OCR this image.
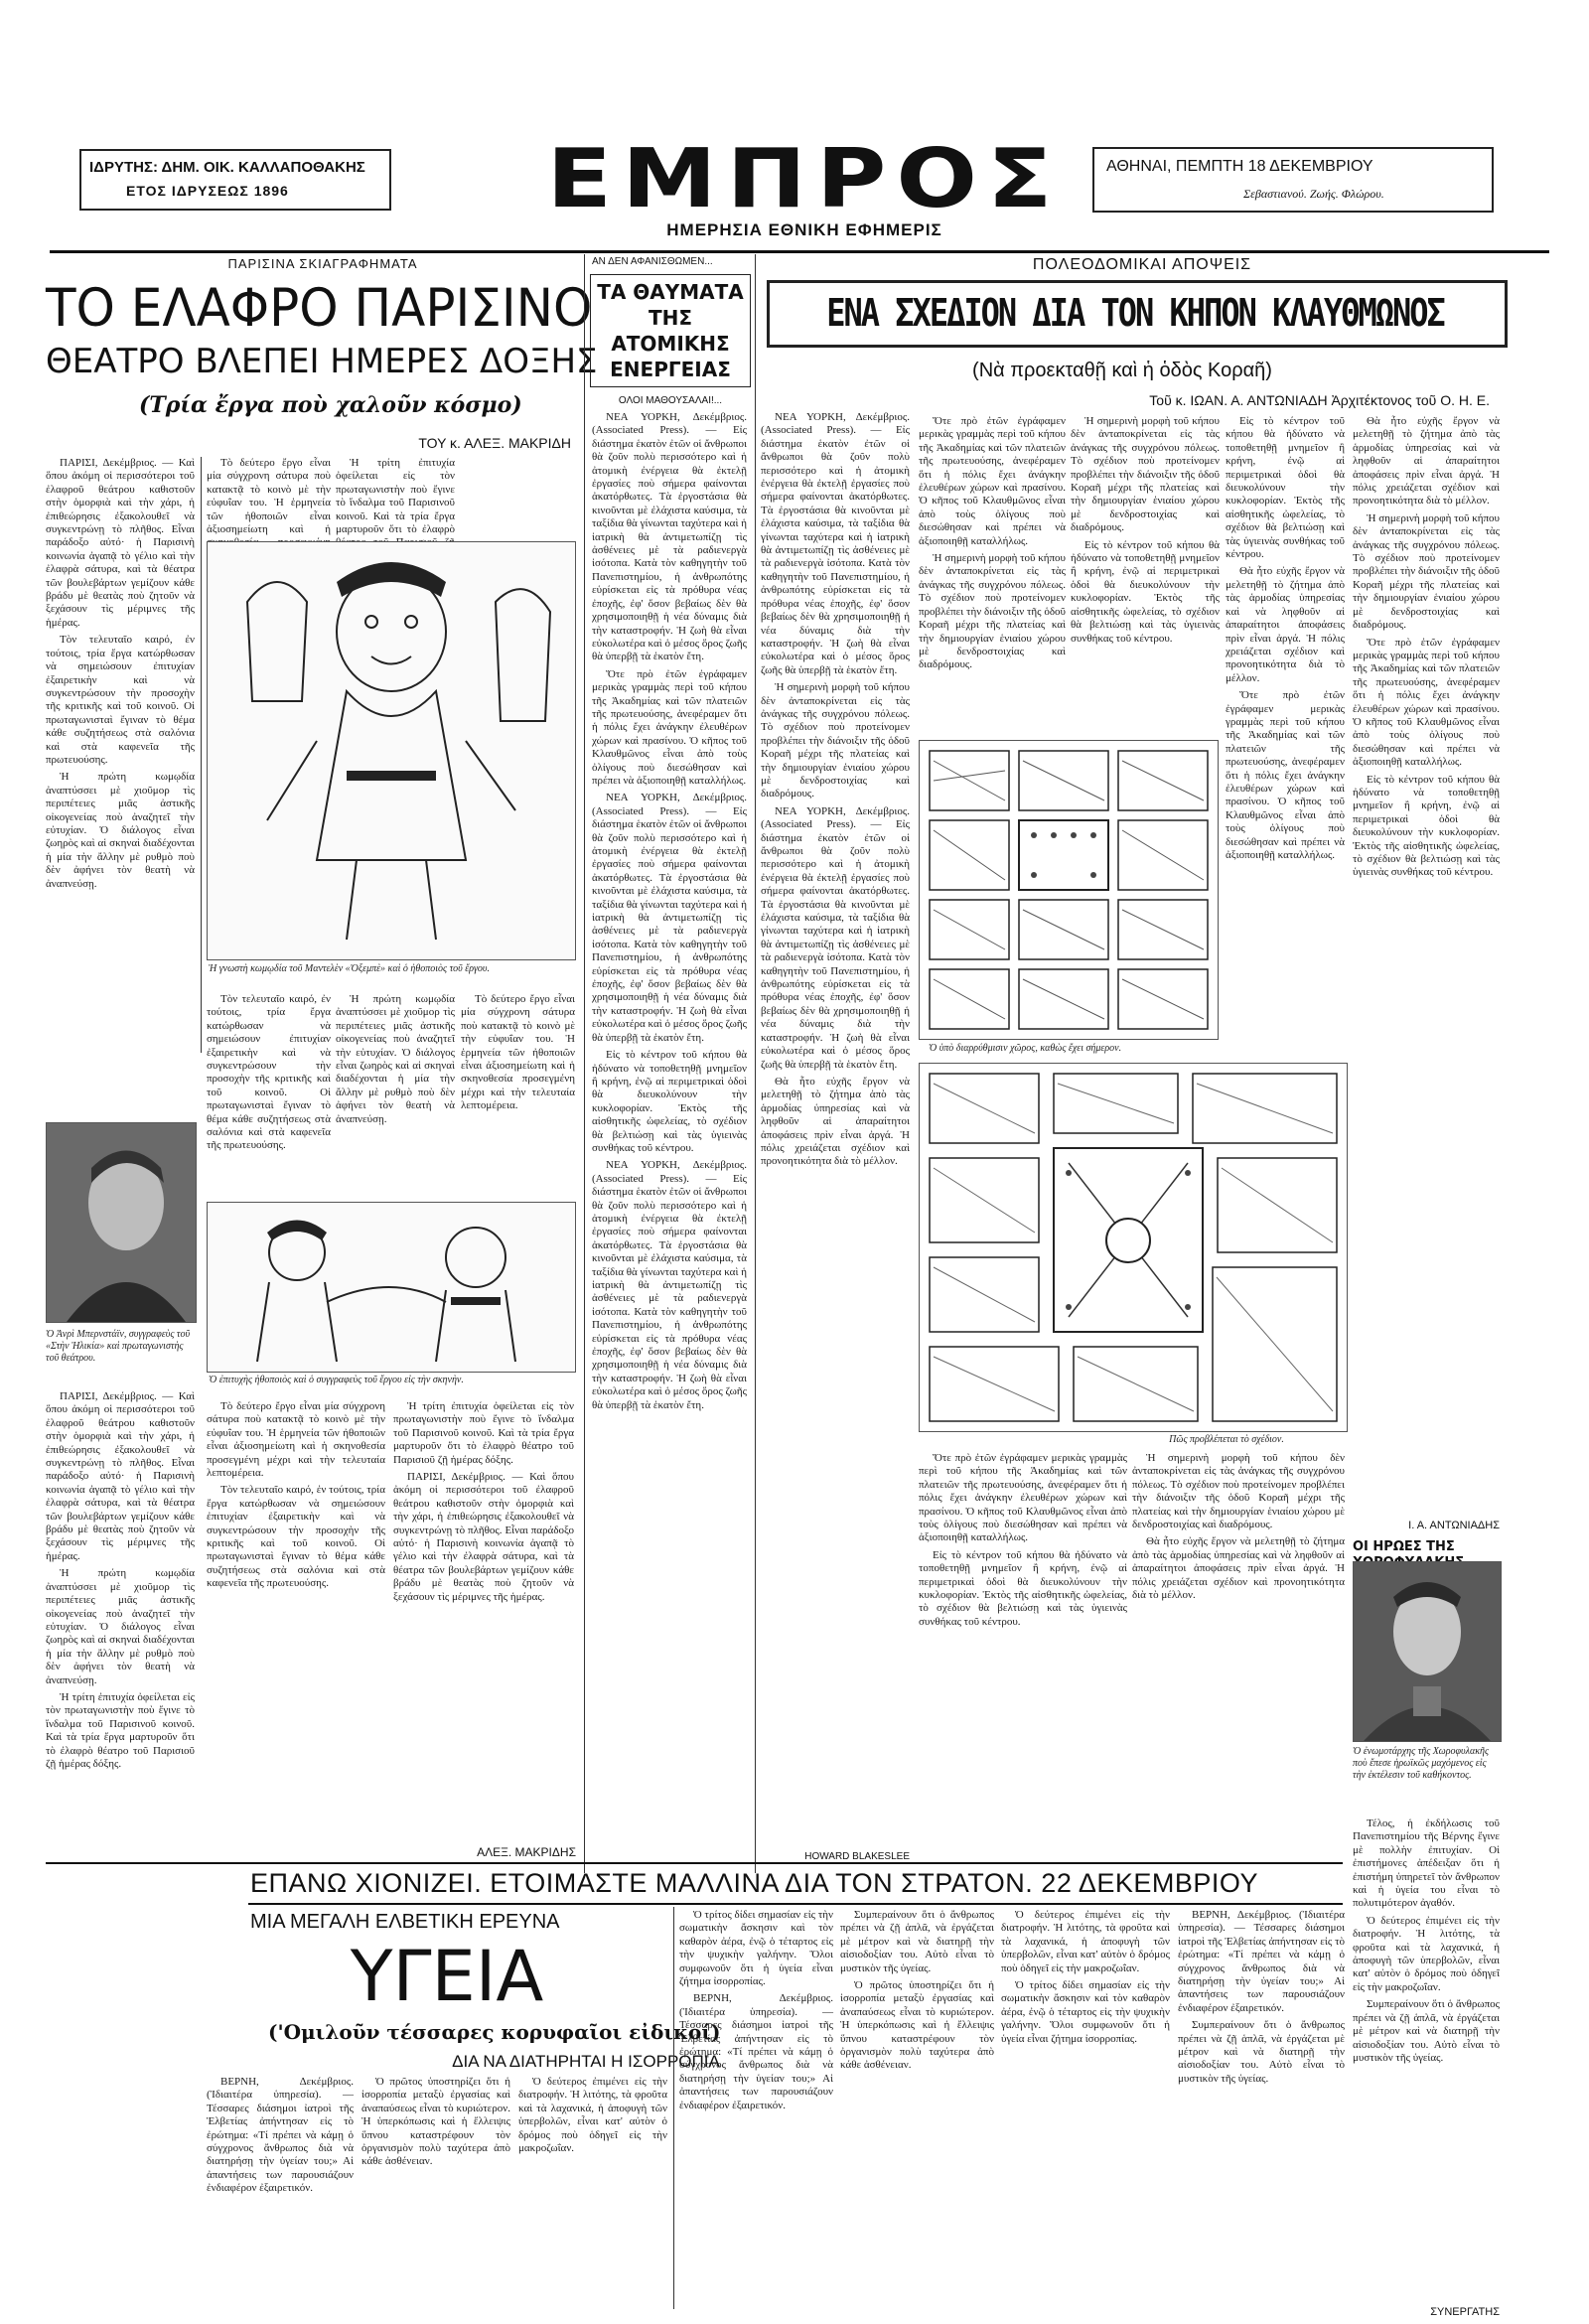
ΙΔΡΥΤΗΣ: ΔΗΜ. ΟΙΚ. ΚΑΛΛΑΠΟΘΑΚΗΣ
ΕΤΟΣ ΙΔΡΥΣΕΩΣ 1896	ΕΜΠΡΟΣ
ΗΜΕΡΗΣΙΑ ΕΘΝΙΚΗ ΕΦΗΜΕΡΙΣ
ΑΘΗΝΑΙ, ΠΕΜΠΤΗ 18 ΔΕΚΕΜΒΡΙΟΥ
Σεβαστιανού. Ζωής. Φλώρου.
ΠΑΡΙΣΙΝΑ ΣΚΙΑΓΡΑΦΗΜΑΤΑ
ΤΟ ΕΛΑΦΡΟ ΠΑΡΙΣΙΝΟ
ΘΕΑΤΡΟ ΒΛΕΠΕΙ ΗΜΕΡΕΣ ΔΟΞΗΣ
(Τρία ἔργα ποὺ χαλοῦν κόσμο)
ΤΟΥ κ. ΑΛΕΞ. ΜΑΚΡΙΔΗ

ΠΑΡΙΣΙ, Δεκέμβριος. — Καὶ ὅπου ἀκόμη οἱ περισσότεροι τοῦ ἐλαφροῦ θεάτρου καθιστοῦν στὴν ὁμορφιὰ καὶ τὴν χάρι, ἡ ἐπιθεώρησις ἐξακολουθεῖ νὰ συγκεντρώνῃ τὸ πλῆθος. Εἶναι παράδοξο αὐτό· ἡ Παρισινὴ κοινωνία ἀγαπᾷ τὸ γέλιο καὶ τὴν ἐλαφρὰ σάτυρα, καὶ τὰ θέατρα τῶν βουλεβάρτων γεμίζουν κάθε βράδυ μὲ θεατὰς ποὺ ζητοῦν νὰ ξεχάσουν τὶς μέριμνες τῆς ἡμέρας.

Τὸν τελευταῖο καιρό, ἐν τούτοις, τρία ἔργα κατώρθωσαν νὰ σημειώσουν ἐπιτυχίαν ἐξαιρετικὴν καὶ νὰ συγκεντρώσουν τὴν προσοχὴν τῆς κριτικῆς καὶ τοῦ κοινοῦ. Οἱ πρωταγωνισταὶ ἔγιναν τὸ θέμα κάθε συζητήσεως στὰ σαλόνια καὶ στὰ καφενεῖα τῆς πρωτευούσης.

Ἡ πρώτη κωμῳδία ἀναπτύσσει μὲ χιοῦμορ τὶς περιπέτειες μιᾶς ἀστικῆς οἰκογενείας ποὺ ἀναζητεῖ τὴν εὐτυχίαν. Ὁ διάλογος εἶναι ζωηρὸς καὶ αἱ σκηναὶ διαδέχονται ἡ μία τὴν ἄλλην μὲ ρυθμὸ ποὺ δὲν ἀφήνει τὸν θεατὴ νὰ ἀναπνεύσῃ.

Τὸ δεύτερο ἔργο εἶναι μία σύγχρονη σάτυρα ποὺ κατακτᾷ τὸ κοινὸ μὲ τὴν εὐφυΐαν του. Ἡ ἑρμηνεία τῶν ἠθοποιῶν εἶναι ἀξιοσημείωτη καὶ ἡ

Ἡ τρίτη ἐπιτυχία ὀφείλεται εἰς τὸν πρωταγωνιστὴν ποὺ ἔγινε τὸ ἴνδαλμα τοῦ Παρισινοῦ κοινοῦ. Καὶ τὰ τρία ἔργα μαρτυροῦν ὅτι τὸ ἐλαφρὸ

Ἡ γνωστὴ κωμῳδία τοῦ Μαντελὲν «Ὀξεμπὲ» καὶ ὁ ἠθοποιὸς τοῦ ἔργου.

Τὸν τελευταῖο καιρό, ἐν τούτοις, τρία ἔργα κατώρθωσαν νὰ σημειώσουν ἐπιτυχίαν ἐξαιρετικὴν καὶ νὰ συγκεντρώσουν τὴν προσοχὴν τῆς κριτικῆς καὶ τοῦ κοινοῦ. Οἱ πρωταγωνισταὶ ἔγιναν τὸ θέμα κάθε συζητήσεως στὰ σαλόνια καὶ στὰ καφενεῖα τῆς πρωτευούσης.

Ἡ πρώτη κωμῳδία ἀναπτύσσει μὲ χιοῦμορ τὶς περιπέτειες μιᾶς ἀστικῆς οἰκογενείας ποὺ ἀναζητεῖ τὴν εὐτυχίαν. Ὁ διάλογος εἶναι ζωηρὸς καὶ αἱ σκηναὶ διαδέχονται ἡ μία τὴν ἄλλην μὲ ρυθμὸ ποὺ δὲν ἀφήνει τὸν θεατὴ νὰ ἀναπνεύσῃ.

Τὸ δεύτερο ἔργο εἶναι μία σύγχρονη σάτυρα ποὺ κατακτᾷ τὸ κοινὸ μὲ τὴν εὐφυΐαν του. Ἡ ἑρμηνεία τῶν ἠθοποιῶν εἶναι ἀξιοσημείωτη καὶ ἡ σκηνοθεσία προσεγμένη μέχρι καὶ τὴν τελευταία λεπτομέρεια.

Ὁ Ἀνρὶ Μπερνστάϊν, συγγραφεὺς τοῦ «Στὴν Ἡλικία» καὶ πρωταγωνιστὴς τοῦ θεάτρου.
Ὁ ἐπιτυχὴς ἠθοποιὸς καὶ ὁ συγγραφεὺς τοῦ ἔργου εἰς τὴν σκηνὴν.

ΠΑΡΙΣΙ, Δεκέμβριος. — Καὶ ὅπου ἀκόμη οἱ περισσότεροι τοῦ ἐλαφροῦ θεάτρου καθιστοῦν στὴν ὁμορφιὰ καὶ τὴν χάρι, ἡ ἐπιθεώρησις ἐξακολουθεῖ νὰ συγκεντρώνῃ τὸ πλῆθος. Εἶναι παράδοξο αὐτό· ἡ Παρισινὴ κοινωνία ἀγαπᾷ τὸ γέλιο καὶ τὴν ἐλαφρὰ σάτυρα, καὶ τὰ θέατρα τῶν βουλεβάρτων γεμίζουν κάθε βράδυ μὲ θεατὰς ποὺ ζητοῦν νὰ ξεχάσουν τὶς μέριμνες τῆς ἡμέρας.

Ἡ πρώτη κωμῳδία ἀναπτύσσει μὲ χιοῦμορ τὶς περιπέτειες μιᾶς ἀστικῆς οἰκογενείας ποὺ ἀναζητεῖ τὴν εὐτυχίαν. Ὁ διάλογος εἶναι ζωηρὸς καὶ αἱ σκηναὶ διαδέχονται ἡ μία τὴν ἄλλην μὲ ρυθμὸ ποὺ δὲν ἀφήνει τὸν θεατὴ νὰ ἀναπνεύσῃ.

Ἡ τρίτη ἐπιτυχία ὀφείλεται εἰς τὸν πρωταγωνιστὴν ποὺ ἔγινε τὸ ἴνδαλμα τοῦ Παρισινοῦ κοινοῦ. Καὶ τὰ τρία ἔργα μαρτυροῦν ὅτι τὸ ἐλαφρὸ θέατρο τοῦ Παρισιοῦ ζῇ ἡμέρας δόξης.

Τὸ δεύτερο ἔργο εἶναι μία σύγχρονη σάτυρα ποὺ κατακτᾷ τὸ κοινὸ μὲ τὴν εὐφυΐαν του. Ἡ ἑρμηνεία τῶν ἠθοποιῶν εἶναι ἀξιοσημείωτη καὶ ἡ σκηνοθεσία προσεγμένη μέχρι καὶ τὴν τελευταία λεπτομέρεια.

Τὸν τελευταῖο καιρό, ἐν τούτοις, τρία ἔργα κατώρθωσαν νὰ σημειώσουν ἐπιτυχίαν ἐξαιρετικὴν καὶ νὰ συγκεντρώσουν τὴν προσοχὴν τῆς κριτικῆς καὶ τοῦ κοινοῦ. Οἱ πρωταγωνισταὶ ἔγιναν τὸ θέμα κάθε συζητήσεως στὰ σαλόνια καὶ στὰ καφενεῖα τῆς πρωτευούσης.

Ἡ τρίτη ἐπιτυχία ὀφείλεται εἰς τὸν πρωταγωνιστὴν ποὺ ἔγινε τὸ ἴνδαλμα τοῦ Παρισινοῦ κοινοῦ. Καὶ τὰ τρία ἔργα μαρτυροῦν ὅτι τὸ ἐλαφρὸ θέατρο τοῦ Παρισιοῦ ζῇ ἡμέρας δόξης.

ΠΑΡΙΣΙ, Δεκέμβριος. — Καὶ ὅπου ἀκόμη οἱ περισσότεροι τοῦ ἐλαφροῦ θεάτρου καθιστοῦν στὴν ὁμορφιὰ καὶ τὴν χάρι, ἡ ἐπιθεώρησις ἐξακολουθεῖ νὰ συγκεντρώνῃ τὸ πλῆθος. Εἶναι παράδοξο αὐτό· ἡ Παρισινὴ κοινωνία ἀγαπᾷ τὸ γέλιο καὶ τὴν ἐλαφρὰ σάτυρα, καὶ τὰ θέατρα τῶν βουλεβάρτων γεμίζουν κάθε βράδυ μὲ θεατὰς ποὺ ζητοῦν νὰ ξεχάσουν τὶς μέριμνες τῆς ἡμέρας.

ΑΛΕΞ. ΜΑΚΡΙΔΗΣ
ΑΝ ΔΕΝ ΑΦΑΝΙΣΘΩΜΕΝ...
ΤΑ ΘΑΥΜΑΤΑ ΤΗΣ ΑΤΟΜΙΚΗΣ ΕΝΕΡΓΕΙΑΣ
ΟΛΟΙ ΜΑΘΟΥΣΑΛΑΙ!...

ΝΕΑ ΥΟΡΚΗ, Δεκέμβριος. (Associated Press). — Εἰς διάστημα ἑκατὸν ἐτῶν οἱ ἄνθρωποι θὰ ζοῦν πολὺ περισσότερο καὶ ἡ ἀτομικὴ ἐνέργεια θὰ ἐκτελῇ ἐργασίες ποὺ σήμερα φαίνονται ἀκατόρθωτες. Τὰ ἐργοστάσια θὰ κινοῦνται μὲ ἐλάχιστα καύσιμα, τὰ ταξίδια θὰ γίνωνται ταχύτερα καὶ ἡ ἰατρικὴ θὰ ἀντιμετωπίζῃ τὶς ἀσθένειες μὲ τὰ ραδιενεργὰ ἰσότοπα. Κατὰ τὸν καθηγητὴν τοῦ Πανεπιστημίου, ἡ ἀνθρωπότης εὑρίσκεται εἰς τὰ πρόθυρα νέας ἐποχῆς, ἐφ' ὅσον βεβαίως δὲν θὰ χρησιμοποιηθῇ ἡ νέα δύναμις διὰ τὴν καταστροφήν. Ἡ ζωὴ θὰ εἶναι εὐκολωτέρα καὶ ὁ μέσος ὅρος ζωῆς θὰ ὑπερβῇ τὰ ἑκατὸν ἔτη.

Ὅτε πρὸ ἐτῶν ἐγράφαμεν μερικὰς γραμμὰς περὶ τοῦ κήπου τῆς Ἀκαδημίας καὶ τῶν πλατειῶν τῆς πρωτευούσης, ἀνεφέραμεν ὅτι ἡ πόλις ἔχει ἀνάγκην ἐλευθέρων χώρων καὶ πρασίνου. Ὁ κῆπος τοῦ Κλαυθμῶνος εἶναι ἀπὸ τοὺς ὀλίγους ποὺ διεσώθησαν καὶ πρέπει νὰ ἀξιοποιηθῇ καταλλήλως.

ΝΕΑ ΥΟΡΚΗ, Δεκέμβριος. (Associated Press). — Εἰς διάστημα ἑκατὸν ἐτῶν οἱ ἄνθρωποι θὰ ζοῦν πολὺ περισσότερο καὶ ἡ ἀτομικὴ ἐνέργεια θὰ ἐκτελῇ ἐργασίες ποὺ σήμερα φαίνονται ἀκατόρθωτες. Τὰ ἐργοστάσια θὰ κινοῦνται μὲ ἐλάχιστα καύσιμα, τὰ ταξίδια θὰ γίνωνται ταχύτερα καὶ ἡ ἰατρικὴ θὰ ἀντιμετωπίζῃ τὶς ἀσθένειες μὲ τὰ ραδιενεργὰ ἰσότοπα. Κατὰ τὸν καθηγητὴν τοῦ Πανεπιστημίου, ἡ ἀνθρωπότης εὑρίσκεται εἰς τὰ πρόθυρα νέας ἐποχῆς, ἐφ' ὅσον βεβαίως δὲν θὰ χρησιμοποιηθῇ ἡ νέα δύναμις διὰ τὴν καταστροφήν. Ἡ ζωὴ θὰ εἶναι εὐκολωτέρα καὶ ὁ μέσος ὅρος ζωῆς θὰ ὑπερβῇ τὰ ἑκατὸν ἔτη.

Εἰς τὸ κέντρον τοῦ κήπου θὰ ἠδύνατο νὰ τοποθετηθῇ μνημεῖον ἢ κρήνη, ἐνῷ αἱ περιμετρικαὶ ὁδοὶ θὰ διευκολύνουν τὴν κυκλοφορίαν. Ἐκτὸς τῆς αἰσθητικῆς ὠφελείας, τὸ σχέδιον θὰ βελτιώσῃ καὶ τὰς ὑγιεινὰς συνθήκας τοῦ κέντρου.

ΝΕΑ ΥΟΡΚΗ, Δεκέμβριος. (Associated Press). — Εἰς διάστημα ἑκατὸν ἐτῶν οἱ ἄνθρωποι θὰ ζοῦν πολὺ περισσότερο καὶ ἡ ἀτομικὴ ἐνέργεια θὰ ἐκτελῇ ἐργασίες ποὺ σήμερα φαίνονται ἀκατόρθωτες. Τὰ ἐργοστάσια θὰ κινοῦνται μὲ ἐλάχιστα καύσιμα, τὰ ταξίδια θὰ γίνωνται ταχύτερα καὶ ἡ ἰατρικὴ θὰ ἀντιμετωπίζῃ τὶς ἀσθένειες μὲ τὰ ραδιενεργὰ ἰσότοπα. Κατὰ τὸν καθηγητὴν τοῦ Πανεπιστημίου, ἡ ἀνθρωπότης εὑρίσκεται εἰς τὰ πρόθυρα νέας ἐποχῆς, ἐφ' ὅσον βεβαίως δὲν θὰ χρησιμοποιηθῇ ἡ νέα δύναμις διὰ τὴν καταστροφήν. Ἡ ζωὴ θὰ εἶναι εὐκολωτέρα καὶ ὁ μέσος ὅρος ζωῆς θὰ ὑπερβῇ τὰ ἑκατὸν ἔτη.

ΝΕΑ ΥΟΡΚΗ, Δεκέμβριος. (Associated Press). — Εἰς διάστημα ἑκατὸν ἐτῶν οἱ ἄνθρωποι θὰ ζοῦν πολὺ περισσότερο καὶ ἡ ἀτομικὴ ἐνέργεια θὰ ἐκτελῇ ἐργασίες ποὺ σήμερα φαίνονται ἀκατόρθωτες. Τὰ ἐργοστάσια θὰ κινοῦνται μὲ ἐλάχιστα καύσιμα, τὰ ταξίδια θὰ γίνωνται ταχύτερα καὶ ἡ ἰατρικὴ θὰ ἀντιμετωπίζῃ τὶς ἀσθένειες μὲ τὰ ραδιενεργὰ ἰσότοπα. Κατὰ τὸν καθηγητὴν τοῦ Πανεπιστημίου, ἡ ἀνθρωπότης εὑρίσκεται εἰς τὰ πρόθυρα νέας ἐποχῆς, ἐφ' ὅσον βεβαίως δὲν θὰ χρησιμοποιηθῇ ἡ νέα δύναμις διὰ τὴν καταστροφήν. Ἡ ζωὴ θὰ εἶναι εὐκολωτέρα καὶ ὁ μέσος ὅρος ζωῆς θὰ ὑπερβῇ τὰ ἑκατὸν ἔτη.

Ἡ σημερινὴ μορφὴ τοῦ κήπου δὲν ἀνταποκρίνεται εἰς τὰς ἀνάγκας τῆς συγχρόνου πόλεως. Τὸ σχέδιον ποὺ προτείνομεν προβλέπει τὴν διάνοιξιν τῆς ὁδοῦ Κοραῆ μέχρι τῆς πλατείας καὶ τὴν δημιουργίαν ἑνιαίου χώρου μὲ δενδροστοιχίας καὶ διαδρόμους.

ΝΕΑ ΥΟΡΚΗ, Δεκέμβριος. (Associated Press). — Εἰς διάστημα ἑκατὸν ἐτῶν οἱ ἄνθρωποι θὰ ζοῦν πολὺ περισσότερο καὶ ἡ ἀτομικὴ ἐνέργεια θὰ ἐκτελῇ ἐργασίες ποὺ σήμερα φαίνονται ἀκατόρθωτες. Τὰ ἐργοστάσια θὰ κινοῦνται μὲ ἐλάχιστα καύσιμα, τὰ ταξίδια θὰ γίνωνται ταχύτερα καὶ ἡ ἰατρικὴ θὰ ἀντιμετωπίζῃ τὶς ἀσθένειες μὲ τὰ ραδιενεργὰ ἰσότοπα. Κατὰ τὸν καθηγητὴν τοῦ Πανεπιστημίου, ἡ ἀνθρωπότης εὑρίσκεται εἰς τὰ πρόθυρα νέας ἐποχῆς, ἐφ' ὅσον βεβαίως δὲν θὰ χρησιμοποιηθῇ ἡ νέα δύναμις διὰ τὴν καταστροφήν. Ἡ ζωὴ θὰ εἶναι εὐκολωτέρα καὶ ὁ μέσος ὅρος ζωῆς θὰ ὑπερβῇ τὰ ἑκατὸν ἔτη.

Θὰ ἦτο εὐχῆς ἔργον νὰ μελετηθῇ τὸ ζήτημα ἀπὸ τὰς ἁρμοδίας ὑπηρεσίας καὶ νὰ ληφθοῦν αἱ ἀπαραίτητοι ἀποφάσεις πρὶν εἶναι ἀργά. Ἡ πόλις χρειάζεται σχέδιον καὶ προνοητικότητα διὰ τὸ μέλλον.

HOWARD BLAKESLEE
ΠΟΛΕΟΔΟΜΙΚΑΙ ΑΠΟΨΕΙΣ
ΕΝΑ ΣΧΕΔΙΟΝ ΔΙΑ ΤΟΝ ΚΗΠΟΝ ΚΛΑΥΘΜΩΝΟΣ
(Νὰ προεκταθῇ καὶ ἡ ὁδὸς Κοραῆ)
Τοῦ κ. ΙΩΑΝ. Α. ΑΝΤΩΝΙΑΔΗ Ἀρχιτέκτονος τοῦ Ο. Η. Ε.

Ὅτε πρὸ ἐτῶν ἐγράφαμεν μερικὰς γραμμὰς περὶ τοῦ κήπου τῆς Ἀκαδημίας καὶ τῶν πλατειῶν τῆς πρωτευούσης, ἀνεφέραμεν ὅτι ἡ πόλις ἔχει ἀνάγκην ἐλευθέρων χώρων καὶ πρασίνου. Ὁ κῆπος τοῦ Κλαυθμῶνος εἶναι ἀπὸ τοὺς ὀλίγους ποὺ διεσώθησαν καὶ πρέπει νὰ ἀξιοποιηθῇ καταλλήλως.

Ἡ σημερινὴ μορφὴ τοῦ κήπου δὲν ἀνταποκρίνεται εἰς τὰς ἀνάγκας τῆς συγχρόνου πόλεως. Τὸ σχέδιον ποὺ προτείνομεν προβλέπει τὴν διάνοιξιν τῆς ὁδοῦ Κοραῆ μέχρι τῆς πλατείας καὶ τὴν δημιουργίαν ἑνιαίου χώρου μὲ δενδροστοιχίας καὶ διαδρόμους.

Ἡ σημερινὴ μορφὴ τοῦ κήπου δὲν ἀνταποκρίνεται εἰς τὰς ἀνάγκας τῆς συγχρόνου πόλεως. Τὸ σχέδιον ποὺ προτείνομεν προβλέπει τὴν διάνοιξιν τῆς ὁδοῦ Κοραῆ μέχρι τῆς πλατείας καὶ τὴν δημιουργίαν ἑνιαίου χώρου μὲ δενδροστοιχίας καὶ διαδρόμους.

Εἰς τὸ κέντρον τοῦ κήπου θὰ ἠδύνατο νὰ τοποθετηθῇ μνημεῖον ἢ κρήνη, ἐνῷ αἱ περιμετρικαὶ ὁδοὶ θὰ διευκολύνουν τὴν κυκλοφορίαν. Ἐκτὸς τῆς αἰσθητικῆς ὠφελείας, τὸ σχέδιον θὰ βελτιώσῃ καὶ τὰς ὑγιεινὰς συνθήκας τοῦ κέντρου.

Εἰς τὸ κέντρον τοῦ κήπου θὰ ἠδύνατο νὰ τοποθετηθῇ μνημεῖον ἢ κρήνη, ἐνῷ αἱ περιμετρικαὶ ὁδοὶ θὰ διευκολύνουν τὴν κυκλοφορίαν. Ἐκτὸς τῆς αἰσθητικῆς ὠφελείας, τὸ σχέδιον θὰ βελτιώσῃ καὶ τὰς ὑγιεινὰς συνθήκας τοῦ κέντρου.

Θὰ ἦτο εὐχῆς ἔργον νὰ μελετηθῇ τὸ ζήτημα ἀπὸ τὰς ἁρμοδίας ὑπηρεσίας καὶ νὰ ληφθοῦν αἱ ἀπαραίτητοι ἀποφάσεις πρὶν εἶναι ἀργά. Ἡ πόλις χρειάζεται σχέδιον καὶ προνοητικότητα διὰ τὸ μέλλον.

Ὅτε πρὸ ἐτῶν ἐγράφαμεν μερικὰς γραμμὰς περὶ τοῦ κήπου τῆς Ἀκαδημίας καὶ τῶν πλατειῶν τῆς πρωτευούσης, ἀνεφέραμεν ὅτι ἡ πόλις ἔχει ἀνάγκην ἐλευθέρων χώρων καὶ πρασίνου. Ὁ κῆπος τοῦ Κλαυθμῶνος εἶναι ἀπὸ τοὺς ὀλίγους ποὺ διεσώθησαν καὶ πρέπει νὰ ἀξιοποιηθῇ καταλλήλως.

Θὰ ἦτο εὐχῆς ἔργον νὰ μελετηθῇ τὸ ζήτημα ἀπὸ τὰς ἁρμοδίας ὑπηρεσίας καὶ νὰ ληφθοῦν αἱ ἀπαραίτητοι ἀποφάσεις πρὶν εἶναι ἀργά. Ἡ πόλις χρειάζεται σχέδιον καὶ προνοητικότητα διὰ τὸ μέλλον.

Ἡ σημερινὴ μορφὴ τοῦ κήπου δὲν ἀνταποκρίνεται εἰς τὰς ἀνάγκας τῆς συγχρόνου πόλεως. Τὸ σχέδιον ποὺ προτείνομεν προβλέπει τὴν διάνοιξιν τῆς ὁδοῦ Κοραῆ μέχρι τῆς πλατείας καὶ τὴν δημιουργίαν ἑνιαίου χώρου μὲ δενδροστοιχίας καὶ διαδρόμους.

Ὅτε πρὸ ἐτῶν ἐγράφαμεν μερικὰς γραμμὰς περὶ τοῦ κήπου τῆς Ἀκαδημίας καὶ τῶν πλατειῶν τῆς πρωτευούσης, ἀνεφέραμεν ὅτι ἡ πόλις ἔχει ἀνάγκην ἐλευθέρων χώρων καὶ πρασίνου. Ὁ κῆπος τοῦ Κλαυθμῶνος εἶναι ἀπὸ τοὺς ὀλίγους ποὺ διεσώθησαν καὶ πρέπει νὰ ἀξιοποιηθῇ καταλλήλως.

Εἰς τὸ κέντρον τοῦ κήπου θὰ ἠδύνατο νὰ τοποθετηθῇ μνημεῖον ἢ κρήνη, ἐνῷ αἱ περιμετρικαὶ ὁδοὶ θὰ διευκολύνουν τὴν κυκλοφορίαν. Ἐκτὸς τῆς αἰσθητικῆς ὠφελείας, τὸ σχέδιον θὰ βελτιώσῃ καὶ τὰς ὑγιεινὰς συνθήκας τοῦ κέντρου.

Ὁ ὑπὸ διαρρύθμισιν χῶρος, καθὼς ἔχει σήμερον.
Πῶς προβλέπεται τὸ σχέδιον.

Ὅτε πρὸ ἐτῶν ἐγράφαμεν μερικὰς γραμμὰς περὶ τοῦ κήπου τῆς Ἀκαδημίας καὶ τῶν πλατειῶν τῆς πρωτευούσης, ἀνεφέραμεν ὅτι ἡ πόλις ἔχει ἀνάγκην ἐλευθέρων χώρων καὶ πρασίνου. Ὁ κῆπος τοῦ Κλαυθμῶνος εἶναι ἀπὸ τοὺς ὀλίγους ποὺ διεσώθησαν καὶ πρέπει νὰ ἀξιοποιηθῇ καταλλήλως.

Εἰς τὸ κέντρον τοῦ κήπου θὰ ἠδύνατο νὰ τοποθετηθῇ μνημεῖον ἢ κρήνη, ἐνῷ αἱ περιμετρικαὶ ὁδοὶ θὰ διευκολύνουν τὴν κυκλοφορίαν. Ἐκτὸς τῆς αἰσθητικῆς ὠφελείας, τὸ σχέδιον θὰ βελτιώσῃ καὶ τὰς ὑγιεινὰς συνθήκας τοῦ κέντρου.

Ἡ σημερινὴ μορφὴ τοῦ κήπου δὲν ἀνταποκρίνεται εἰς τὰς ἀνάγκας τῆς συγχρόνου πόλεως. Τὸ σχέδιον ποὺ προτείνομεν προβλέπει τὴν διάνοιξιν τῆς ὁδοῦ Κοραῆ μέχρι τῆς πλατείας καὶ τὴν δημιουργίαν ἑνιαίου χώρου μὲ δενδροστοιχίας καὶ διαδρόμους.

Θὰ ἦτο εὐχῆς ἔργον νὰ μελετηθῇ τὸ ζήτημα ἀπὸ τὰς ἁρμοδίας ὑπηρεσίας καὶ νὰ ληφθοῦν αἱ ἀπαραίτητοι ἀποφάσεις πρὶν εἶναι ἀργά. Ἡ πόλις χρειάζεται σχέδιον καὶ προνοητικότητα διὰ τὸ μέλλον.

Ι. Α. ΑΝΤΩΝΙΑΔΗΣ
ΟΙ ΗΡΩΕΣ ΤΗΣ
Ὁ ἐνωμοτάρχης τῆς Χωροφυλακῆς ποὺ ἔπεσε ἡρωϊκῶς μαχόμενος εἰς τὴν ἐκτέλεσιν τοῦ καθήκοντος.

Τέλος, ἡ ἐκδήλωσις τοῦ Πανεπιστημίου τῆς Βέρνης ἔγινε μὲ πολλὴν ἐπιτυχίαν. Οἱ ἐπιστήμονες ἀπέδειξαν ὅτι ἡ ἐπιστήμη ὑπηρετεῖ τὸν ἄνθρωπον καὶ ἡ ὑγεία του εἶναι τὸ πολυτιμότερον ἀγαθόν.

Ὁ δεύτερος ἐπιμένει εἰς τὴν διατροφήν. Ἡ λιτότης, τὰ φροῦτα καὶ τὰ λαχανικά, ἡ ἀποφυγὴ τῶν ὑπερβολῶν, εἶναι κατ' αὐτὸν ὁ δρόμος ποὺ ὁδηγεῖ εἰς τὴν μακροζωΐαν.

Συμπεραίνουν ὅτι ὁ ἄνθρωπος πρέπει νὰ ζῇ ἁπλᾶ, νὰ ἐργάζεται μὲ μέτρον καὶ νὰ διατηρῇ τὴν αἰσιοδοξίαν του. Αὐτὸ εἶναι τὸ μυστικὸν τῆς ὑγείας.

ΕΠΑΝΩ ΧΙΟΝΙΖΕΙ. ΕΤΟΙΜΑΣΤΕ ΜΑΛΛΙΝΑ ΔΙΑ ΤΟΝ ΣΤΡΑΤΟΝ. 22 ΔΕΚΕΜΒΡΙΟΥ
ΜΙΑ ΜΕΓΑΛΗ ΕΛΒΕΤΙΚΗ ΕΡΕΥΝΑ
ΥΓΕΙΑ
('Ομιλοῦν τέσσαρες κορυφαῖοι εἰδικοί)
ΔΙΑ ΝΑ ΔΙΑΤΗΡΗΤΑΙ Η ΙΣΟΡΡΟΠΙΑ

ΒΕΡΝΗ, Δεκέμβριος. (Ἰδιαιτέρα ὑπηρεσία). — Τέσσαρες διάσημοι ἰατροὶ τῆς Ἑλβετίας ἀπήντησαν εἰς τὸ ἐρώτημα: «Τί πρέπει νὰ κάμῃ ὁ σύγχρονος ἄνθρωπος διὰ νὰ διατηρήσῃ τὴν ὑγείαν του;» Αἱ ἀπαντήσεις των παρουσιάζουν ἐνδιαφέρον ἐξαιρετικόν.

Ὁ πρῶτος ὑποστηρίζει ὅτι ἡ ἰσορροπία μεταξὺ ἐργασίας καὶ ἀναπαύσεως εἶναι τὸ κυριώτερον. Ἡ ὑπερκόπωσις καὶ ἡ ἔλλειψις ὕπνου καταστρέφουν τὸν ὀργανισμὸν πολὺ ταχύτερα ἀπὸ κάθε ἀσθένειαν.

Ὁ δεύτερος ἐπιμένει εἰς τὴν διατροφήν. Ἡ λιτότης, τὰ φροῦτα καὶ τὰ λαχανικά, ἡ ἀποφυγὴ τῶν ὑπερβολῶν, εἶναι κατ' αὐτὸν ὁ δρόμος ποὺ ὁδηγεῖ εἰς τὴν μακροζωΐαν.

Ὁ τρίτος δίδει σημασίαν εἰς τὴν σωματικὴν ἄσκησιν καὶ τὸν καθαρὸν ἀέρα, ἐνῷ ὁ τέταρτος εἰς τὴν ψυχικὴν γαλήνην. Ὅλοι συμφωνοῦν ὅτι ἡ ὑγεία εἶναι ζήτημα ἰσορροπίας.

ΒΕΡΝΗ, Δεκέμβριος. (Ἰδιαιτέρα ὑπηρεσία). — Τέσσαρες διάσημοι ἰατροὶ τῆς Ἑλβετίας ἀπήντησαν εἰς τὸ ἐρώτημα: «Τί πρέπει νὰ κάμῃ ὁ σύγχρονος ἄνθρωπος διὰ νὰ διατηρήσῃ τὴν ὑγείαν του;» Αἱ ἀπαντήσεις των παρουσιάζουν ἐνδιαφέρον ἐξαιρετικόν.

Συμπεραίνουν ὅτι ὁ ἄνθρωπος πρέπει νὰ ζῇ ἁπλᾶ, νὰ ἐργάζεται μὲ μέτρον καὶ νὰ διατηρῇ τὴν αἰσιοδοξίαν του. Αὐτὸ εἶναι τὸ μυστικὸν τῆς ὑγείας.

Ὁ πρῶτος ὑποστηρίζει ὅτι ἡ ἰσορροπία μεταξὺ ἐργασίας καὶ ἀναπαύσεως εἶναι τὸ κυριώτερον. Ἡ ὑπερκόπωσις καὶ ἡ ἔλλειψις ὕπνου καταστρέφουν τὸν ὀργανισμὸν πολὺ ταχύτερα ἀπὸ κάθε ἀσθένειαν.

Ὁ δεύτερος ἐπιμένει εἰς τὴν διατροφήν. Ἡ λιτότης, τὰ φροῦτα καὶ τὰ λαχανικά, ἡ ἀποφυγὴ τῶν ὑπερβολῶν, εἶναι κατ' αὐτὸν ὁ δρόμος ποὺ ὁδηγεῖ εἰς τὴν μακροζωΐαν.

Ὁ τρίτος δίδει σημασίαν εἰς τὴν σωματικὴν ἄσκησιν καὶ τὸν καθαρὸν ἀέρα, ἐνῷ ὁ τέταρτος εἰς τὴν ψυχικὴν γαλήνην. Ὅλοι συμφωνοῦν ὅτι ἡ ὑγεία εἶναι ζήτημα ἰσορροπίας.

ΒΕΡΝΗ, Δεκέμβριος. (Ἰδιαιτέρα ὑπηρεσία). — Τέσσαρες διάσημοι ἰατροὶ τῆς Ἑλβετίας ἀπήντησαν εἰς τὸ ἐρώτημα: «Τί πρέπει νὰ κάμῃ ὁ σύγχρονος ἄνθρωπος διὰ νὰ διατηρήσῃ τὴν ὑγείαν του;» Αἱ ἀπαντήσεις των παρουσιάζουν ἐνδιαφέρον ἐξαιρετικόν.

Συμπεραίνουν ὅτι ὁ ἄνθρωπος πρέπει νὰ ζῇ ἁπλᾶ, νὰ ἐργάζεται μὲ μέτρον καὶ νὰ διατηρῇ τὴν αἰσιοδοξίαν του. Αὐτὸ εἶναι τὸ μυστικὸν τῆς ὑγείας.

ΣΥΝΕΡΓΑΤΗΣ
